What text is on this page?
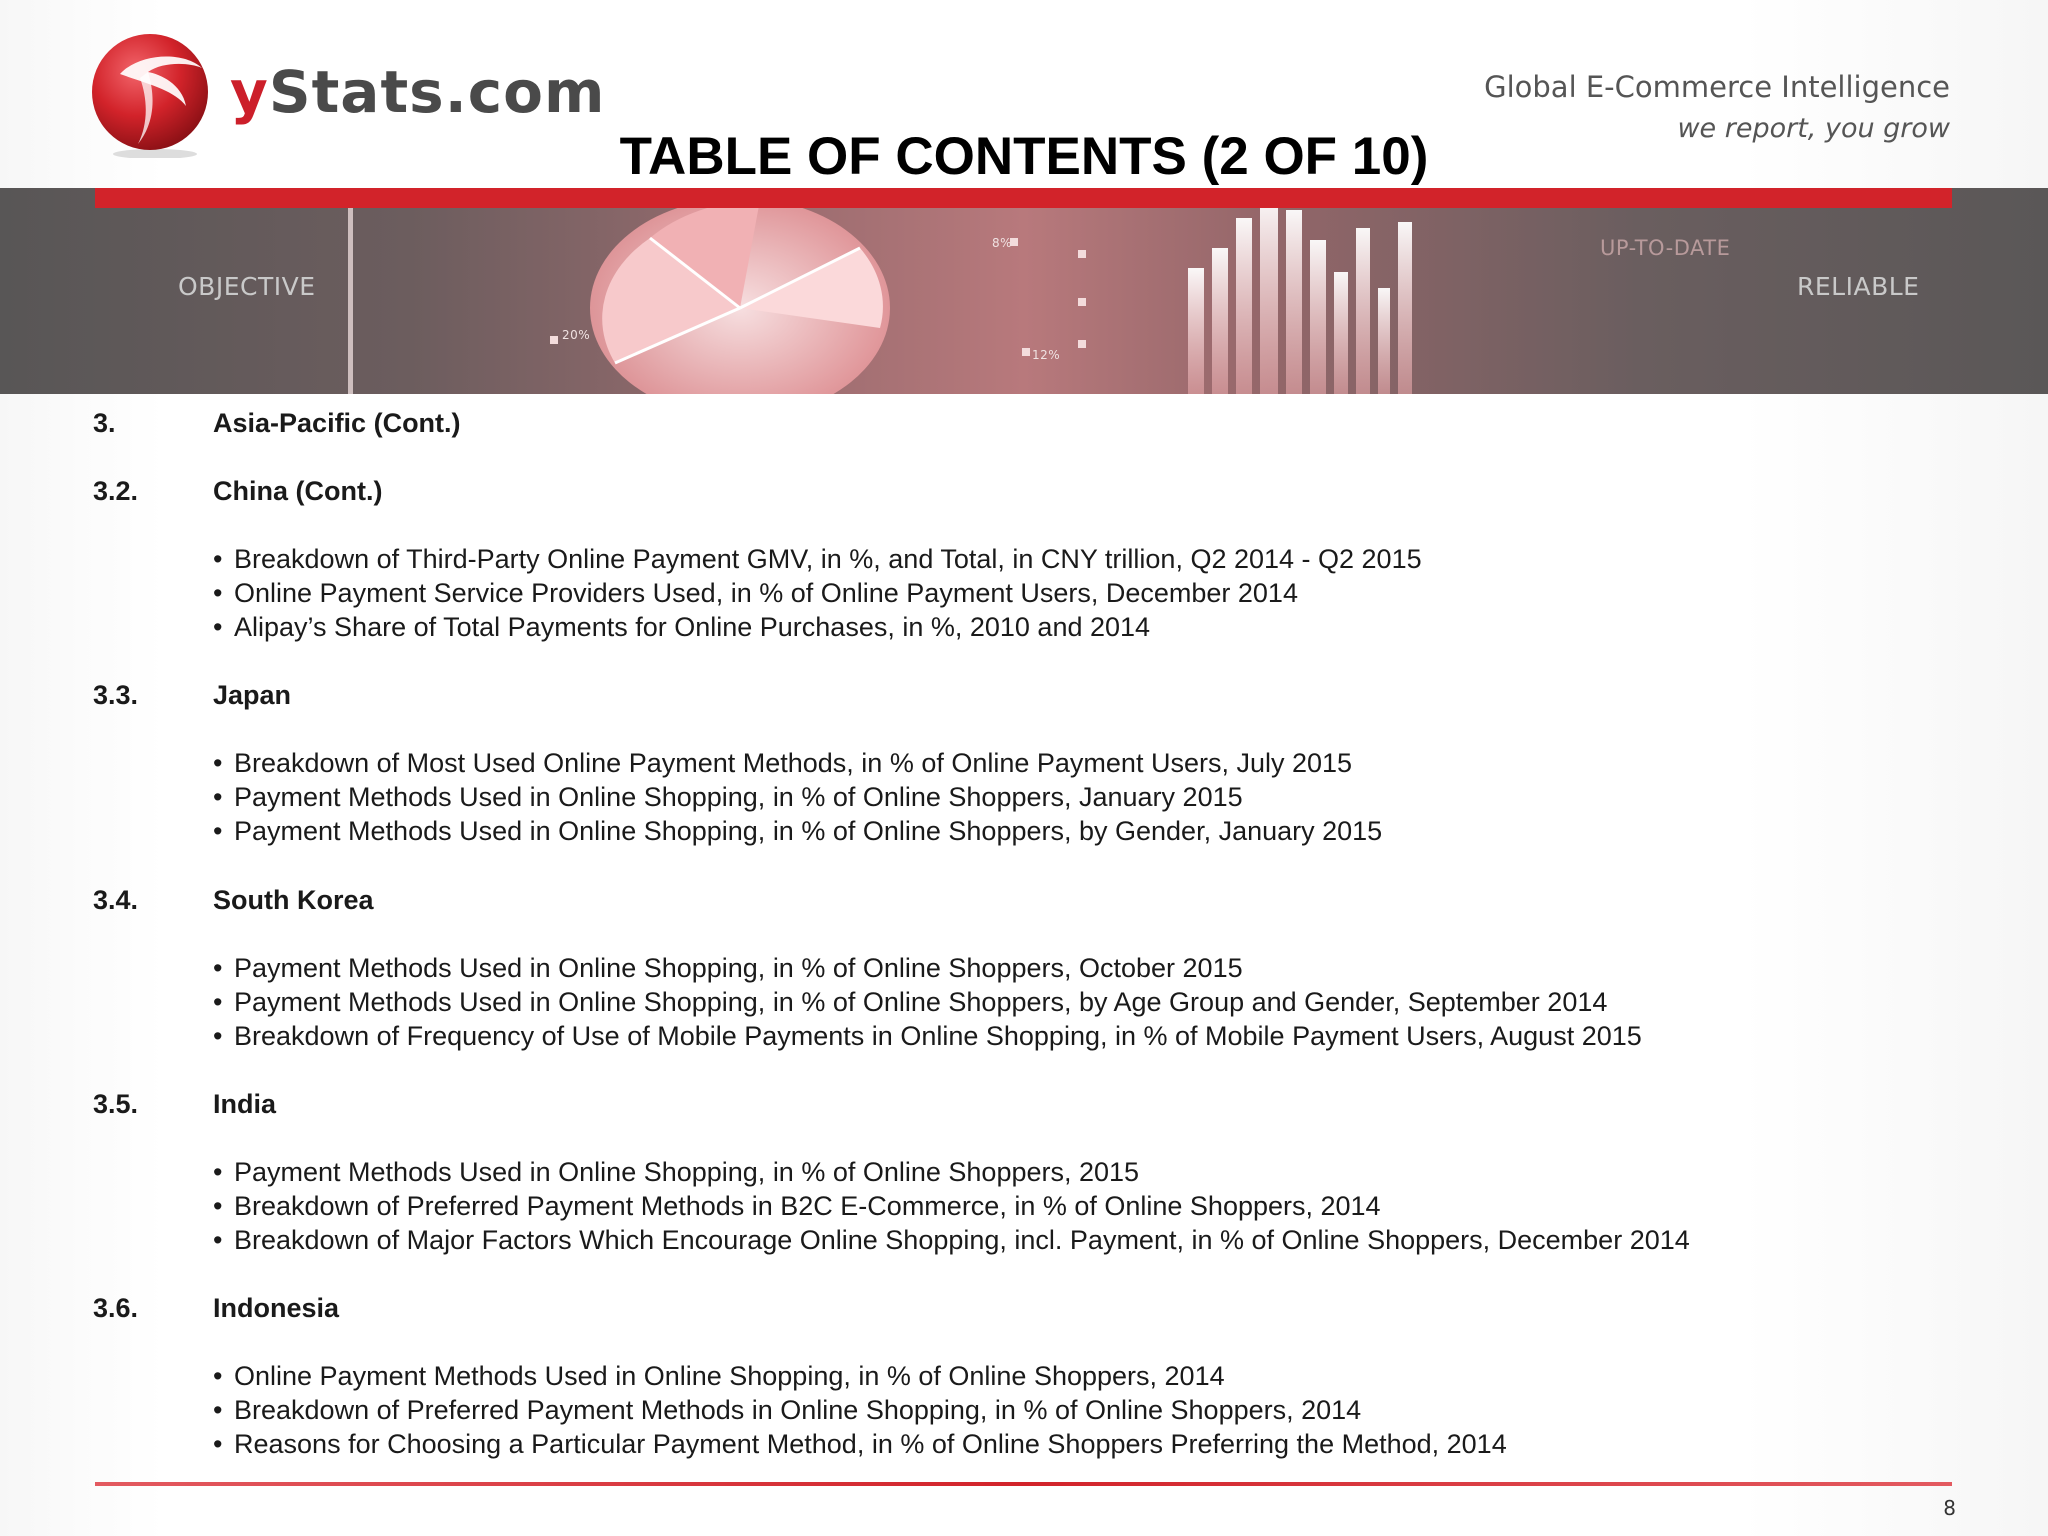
yStats.com	Global E-Commerce Intelligence
we report, you grow
OBJECTIVE
UP-TO-DATE
RELIABLE
20%
8%
12%
TABLE OF CONTENTS (2 OF 10)
3.	Asia-Pacific (Cont.)
3.2.	China (Cont.)
• Breakdown of Third-Party Online Payment GMV, in %, and Total, in CNY trillion, Q2 2014 - Q2 2015
• Online Payment Service Providers Used, in % of Online Payment Users, December 2014
• Alipay’s Share of Total Payments for Online Purchases, in %, 2010 and 2014
3.3.	Japan
• Breakdown of Most Used Online Payment Methods, in % of Online Payment Users, July 2015
• Payment Methods Used in Online Shopping, in % of Online Shoppers, January 2015
• Payment Methods Used in Online Shopping, in % of Online Shoppers, by Gender, January 2015
3.4.	South Korea
• Payment Methods Used in Online Shopping, in % of Online Shoppers, October 2015
• Payment Methods Used in Online Shopping, in % of Online Shoppers, by Age Group and Gender, September 2014
• Breakdown of Frequency of Use of Mobile Payments in Online Shopping, in % of Mobile Payment Users, August 2015
3.5.	India
• Payment Methods Used in Online Shopping, in % of Online Shoppers, 2015
• Breakdown of Preferred Payment Methods in B2C E-Commerce, in % of Online Shoppers, 2014
• Breakdown of Major Factors Which Encourage Online Shopping, incl. Payment, in % of Online Shoppers, December 2014
3.6.	Indonesia
• Online Payment Methods Used in Online Shopping, in % of Online Shoppers, 2014
• Breakdown of Preferred Payment Methods in Online Shopping, in % of Online Shoppers, 2014
• Reasons for Choosing a Particular Payment Method, in % of Online Shoppers Preferring the Method, 2014
8
